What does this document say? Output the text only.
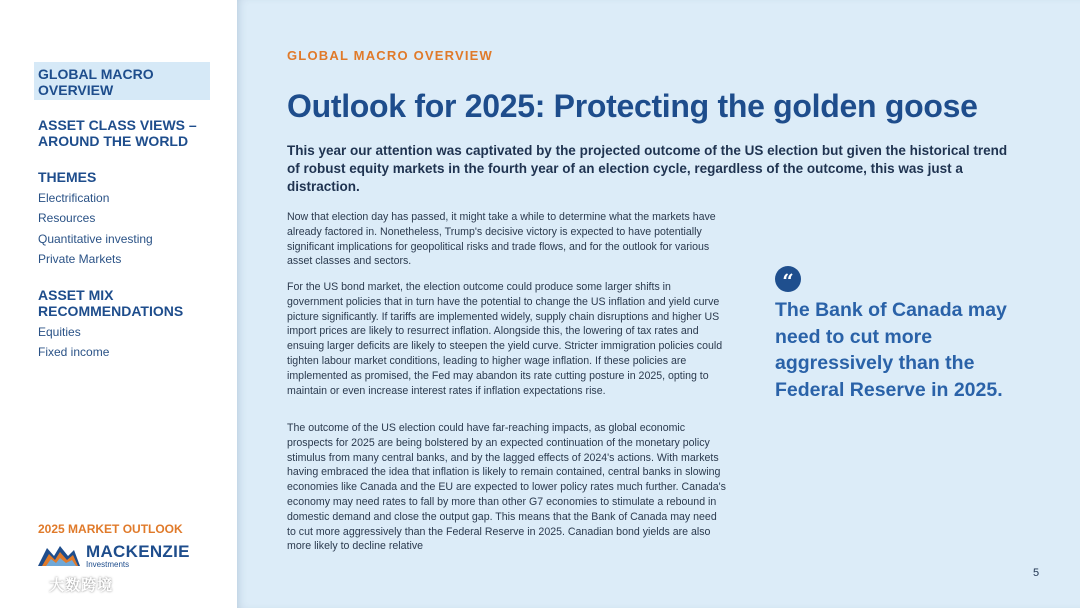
GLOBAL MACRO
OVERVIEW
ASSET CLASS VIEWS –
AROUND THE WORLD
THEMES
Electrification
Resources
Quantitative investing
Private Markets
ASSET MIX
RECOMMENDATIONS
Equities
Fixed income
2025 MARKET OUTLOOK
MACKENZIE
Investments
大数跨境
GLOBAL MACRO OVERVIEW
Outlook for 2025: Protecting the golden goose
This year our attention was captivated by the projected outcome of the US election but given the historical trend of robust equity markets in the fourth year of an election cycle, regardless of the outcome, this was just a distraction.

Now that election day has passed, it might take a while to determine what the markets have already factored in. Nonetheless, Trump's decisive victory is expected to have potentially significant implications for geopolitical risks and trade flows, and for the outlook for various asset classes and sectors.

For the US bond market, the election outcome could produce some larger shifts in government policies that in turn have the potential to change the US inflation and yield curve picture significantly. If tariffs are implemented widely, supply chain disruptions and higher US import prices are likely to resurrect inflation. Alongside this, the lowering of tax rates and ensuing larger deficits are likely to steepen the yield curve. Stricter immigration policies could tighten labour market conditions, leading to higher wage inflation. If these policies are implemented as promised, the Fed may abandon its rate cutting posture in 2025, opting to maintain or even increase interest rates if inflation expectations rise.

The outcome of the US election could have far-reaching impacts, as global economic prospects for 2025 are being bolstered by an expected continuation of the monetary policy stimulus from many central banks, and by the lagged effects of 2024's actions. With markets having embraced the idea that inflation is likely to remain contained, central banks in slowing economies like Canada and the EU are expected to lower policy rates much further. Canada's economy may need rates to fall by more than other G7 economies to stimulate a rebound in domestic demand and close the output gap. This means that the Bank of Canada may need to cut more aggressively than the Federal Reserve in 2025. Canadian bond yields are also more likely to decline relative

“

The Bank of Canada may need to cut more aggressively than the Federal Reserve in 2025.

5
